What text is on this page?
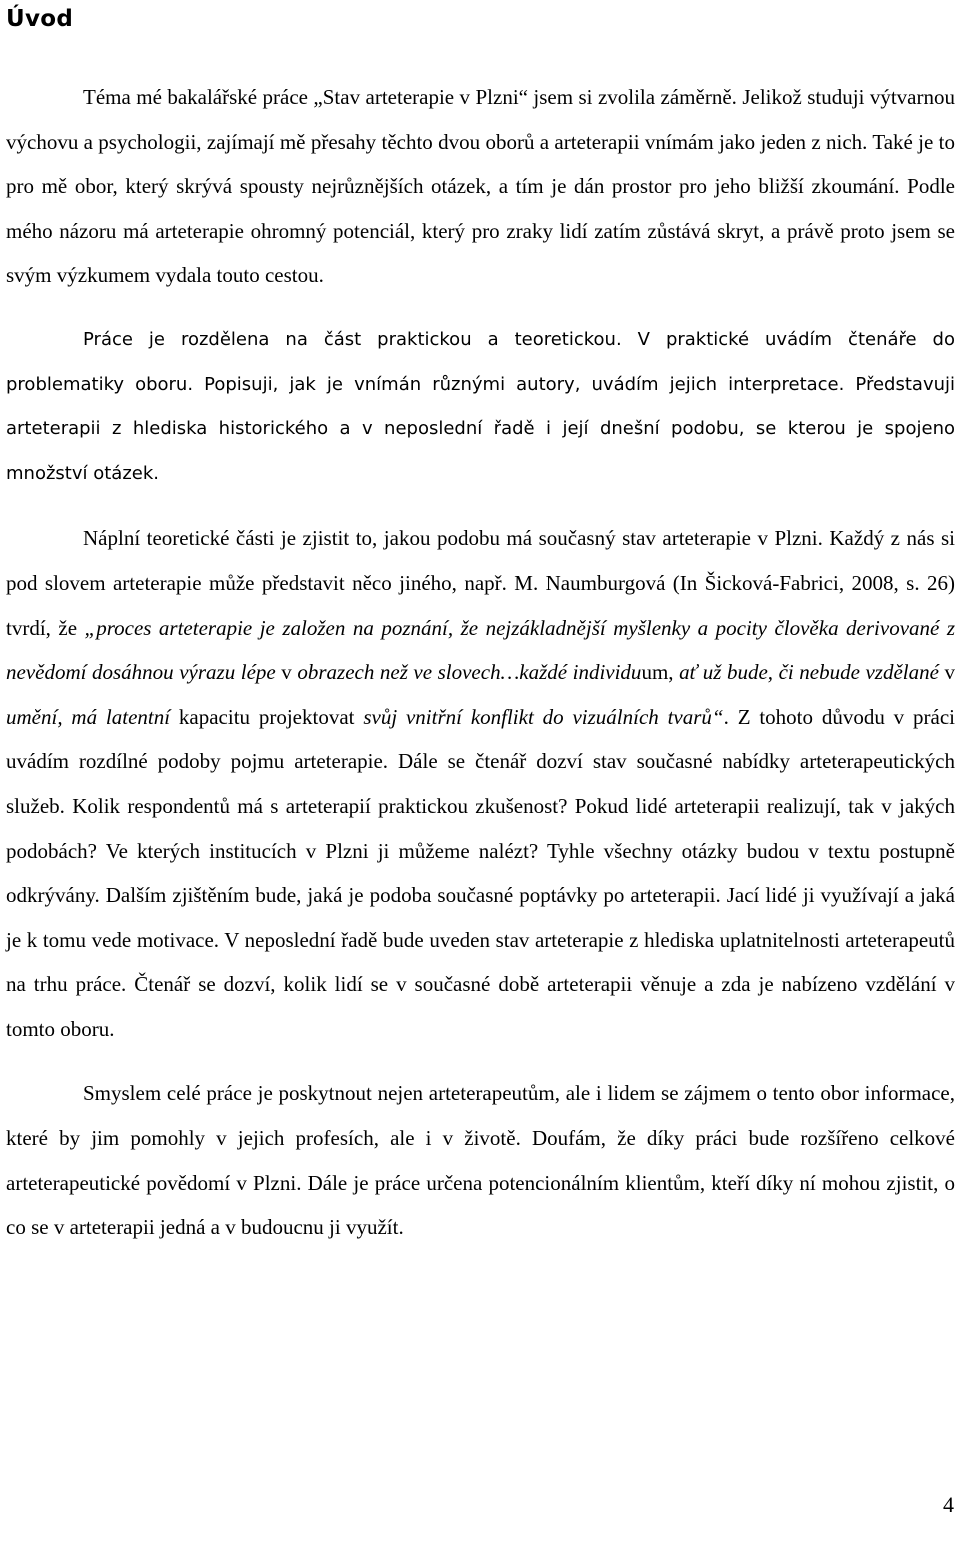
Úvod

Téma mé bakalářské práce „Stav arteterapie v Plzni“ jsem si zvolila záměrně. Jelikož studuji výtvarnou výchovu a psychologii, zajímají mě přesahy těchto dvou oborů a arteterapii vnímám jako jeden z nich. Také je to pro mě obor, který skrývá spousty nejrůznějších otázek, a tím je dán prostor pro jeho bližší zkoumání. Podle mého názoru má arteterapie ohromný potenciál, který pro zraky lidí zatím zůstává skryt, a právě proto jsem se svým výzkumem vydala touto cestou.

Práce je rozdělena na část praktickou a teoretickou. V praktické uvádím čtenáře do problematiky oboru. Popisuji, jak je vnímán různými autory, uvádím jejich interpretace. Představuji arteterapii z hlediska historického a v neposlední řadě i její dnešní podobu, se kterou je spojeno množství otázek.

Náplní teoretické části je zjistit to, jakou podobu má současný stav arteterapie v Plzni. Každý z nás si pod slovem arteterapie může představit něco jiného, např. M. Naumburgová (In Šicková-Fabrici, 2008, s. 26) tvrdí, že „proces arteterapie je založen na poznání, že nejzákladnější myšlenky a pocity člověka derivované z nevědomí dosáhnou výrazu lépe v obrazech než ve slovech…každé individuum, ať už bude, či nebude vzdělané v umění, má latentní kapacitu projektovat svůj vnitřní konflikt do vizuálních tvarů“. Z tohoto důvodu v práci uvádím rozdílné podoby pojmu arteterapie. Dále se čtenář dozví stav současné nabídky arteterapeutických služeb. Kolik respondentů má s arteterapií praktickou zkušenost? Pokud lidé arteterapii realizují, tak v jakých podobách? Ve kterých institucích v Plzni ji můžeme nalézt? Tyhle všechny otázky budou v textu postupně odkrývány. Dalším zjištěním bude, jaká je podoba současné poptávky po arteterapii. Jací lidé ji využívají a jaká je k tomu vede motivace. V neposlední řadě bude uveden stav arteterapie z hlediska uplatnitelnosti arteterapeutů na trhu práce. Čtenář se dozví, kolik lidí se v současné době arteterapii věnuje a zda je nabízeno vzdělání v tomto oboru.

Smyslem celé práce je poskytnout nejen arteterapeutům, ale i lidem se zájmem o tento obor informace, které by jim pomohly v jejich profesích, ale i v životě. Doufám, že díky práci bude rozšířeno celkové arteterapeutické povědomí v Plzni. Dále je práce určena potencionálním klientům, kteří díky ní mohou zjistit, o co se v arteterapii jedná a v budoucnu ji využít.

4
